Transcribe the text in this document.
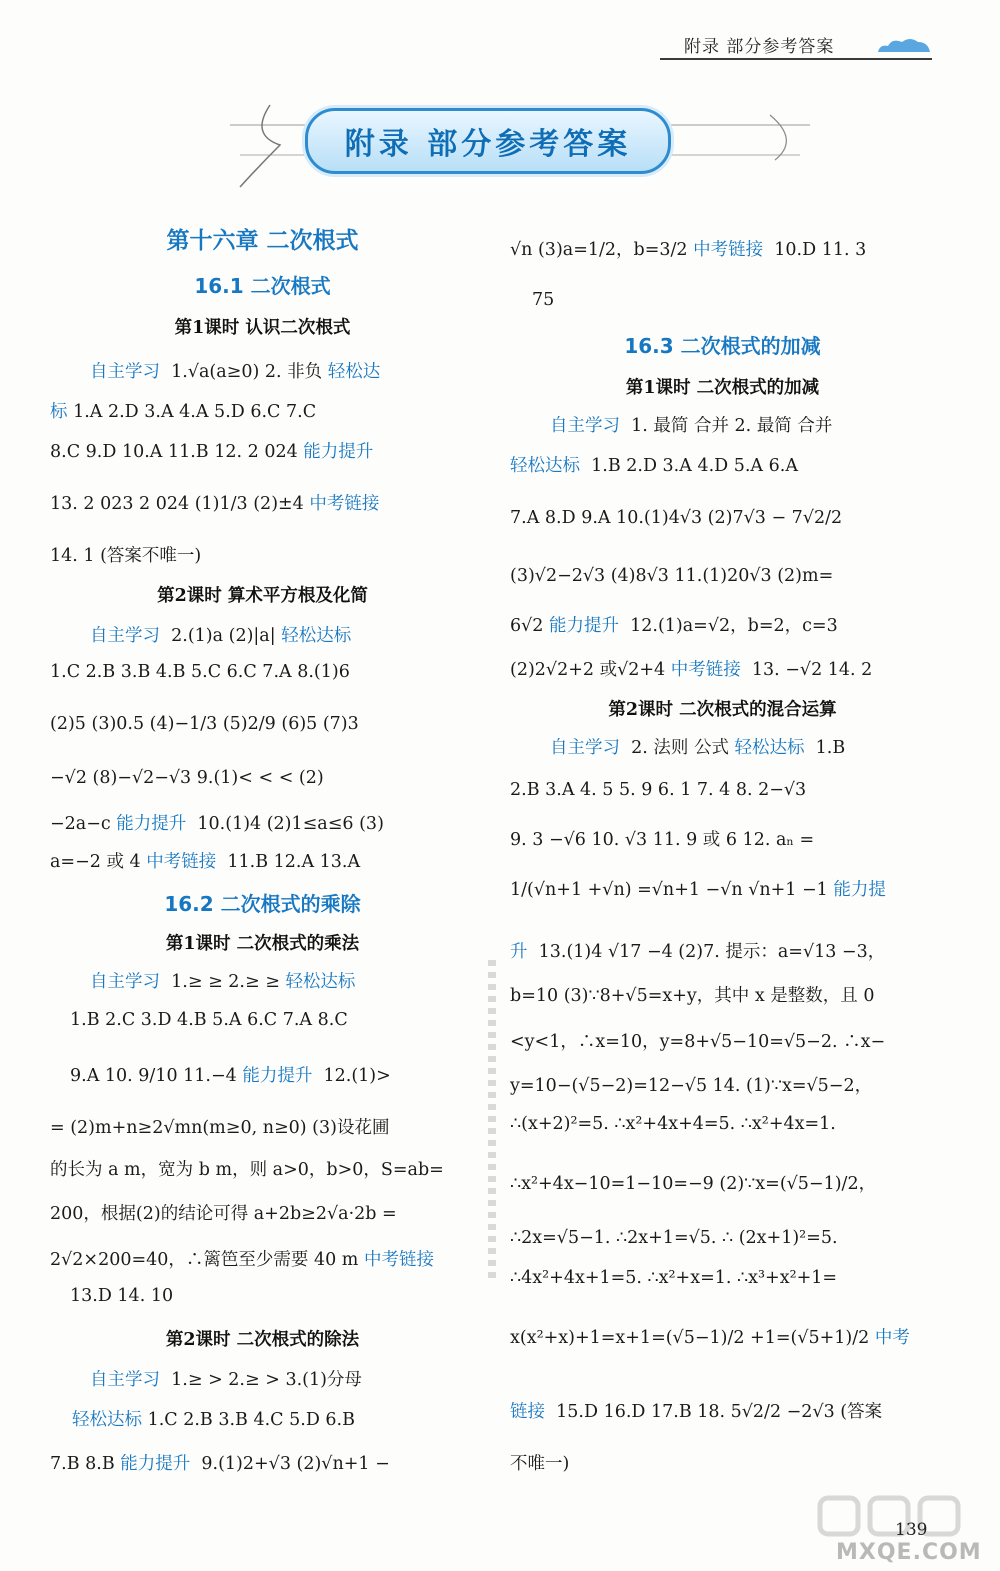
附录 部分参考答案
附录 部分参考答案
第十六章 二次根式
16.1 二次根式
第1课时 认识二次根式
自主学习 1.√a(a≥0) 2. 非负 轻松达
标 1.A 2.D 3.A 4.A 5.D 6.C 7.C
8.C 9.D 10.A 11.B 12. 2 024 能力提升
13. 2 023 2 024 (1)1/3 (2)±4 中考链接
14. 1 (答案不唯一)
第2课时 算术平方根及化简
自主学习 2.(1)a (2)|a| 轻松达标
1.C 2.B 3.B 4.B 5.C 6.C 7.A 8.(1)6
(2)5 (3)0.5 (4)−1/3 (5)2/9 (6)5 (7)3
−√2 (8)−√2−√3 9.(1)< < < (2)
−2a−c 能力提升 10.(1)4 (2)1≤a≤6 (3)
a=−2 或 4 中考链接 11.B 12.A 13.A
16.2 二次根式的乘除
第1课时 二次根式的乘法
自主学习 1.≥ ≥ 2.≥ ≥ 轻松达标
1.B 2.C 3.D 4.B 5.A 6.C 7.A 8.C
9.A 10. 9/10 11.−4 能力提升 12.(1)>
= (2)m+n≥2√mn(m≥0, n≥0) (3)设花圃
的长为 a m，宽为 b m，则 a>0，b>0，S=ab=
200，根据(2)的结论可得 a+2b≥2√a·2b =
2√2×200=40，∴篱笆至少需要 40 m 中考链接
13.D 14. 10
第2课时 二次根式的除法
自主学习 1.≥ > 2.≥ > 3.(1)分母
轻松达标 1.C 2.B 3.B 4.C 5.D 6.B
7.B 8.B 能力提升 9.(1)2+√3 (2)√n+1 −
√n (3)a=1/2，b=3/2 中考链接 10.D 11. 3
75
16.3 二次根式的加减
第1课时 二次根式的加减
自主学习 1. 最简 合并 2. 最简 合并
轻松达标 1.B 2.D 3.A 4.D 5.A 6.A
7.A 8.D 9.A 10.(1)4√3 (2)7√3 − 7√2/2
(3)√2−2√3 (4)8√3 11.(1)20√3 (2)m=
6√2 能力提升 12.(1)a=√2，b=2，c=3
(2)2√2+2 或√2+4 中考链接 13. −√2 14. 2
第2课时 二次根式的混合运算
自主学习 2. 法则 公式 轻松达标 1.B
2.B 3.A 4. 5 5. 9 6. 1 7. 4 8. 2−√3
9. 3 −√6 10. √3 11. 9 或 6 12. aₙ =
1/(√n+1 +√n) =√n+1 −√n √n+1 −1 能力提
升 13.(1)4 √17 −4 (2)7. 提示：a=√13 −3，
b=10 (3)∵8+√5=x+y，其中 x 是整数，且 0
<y<1，∴x=10，y=8+√5−10=√5−2. ∴x−
y=10−(√5−2)=12−√5 14. (1)∵x=√5−2，
∴(x+2)²=5. ∴x²+4x+4=5. ∴x²+4x=1.
∴x²+4x−10=1−10=−9 (2)∵x=(√5−1)/2，
∴2x=√5−1. ∴2x+1=√5. ∴ (2x+1)²=5.
∴4x²+4x+1=5. ∴x²+x=1. ∴x³+x²+1=
x(x²+x)+1=x+1=(√5−1)/2 +1=(√5+1)/2 中考
链接 15.D 16.D 17.B 18. 5√2/2 −2√3 (答案
不唯一)
MXQE.COM
139
